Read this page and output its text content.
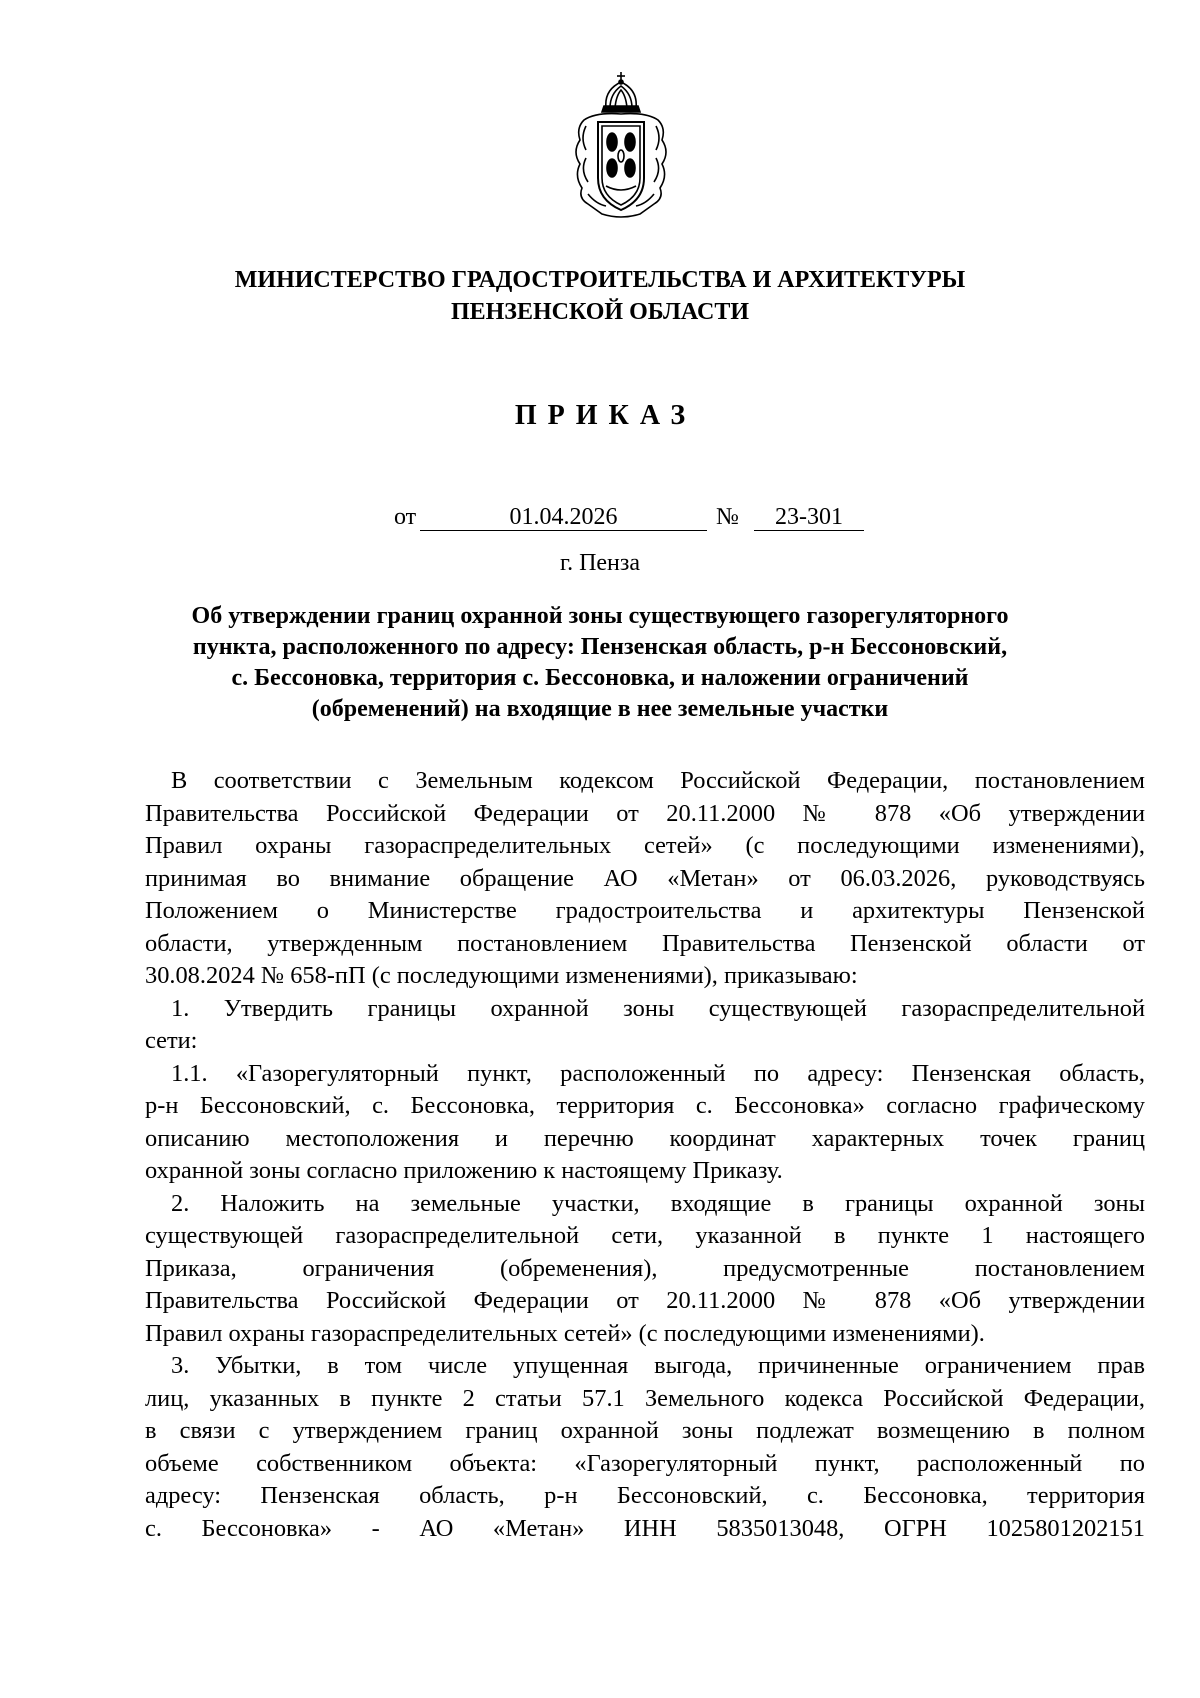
МИНИСТЕРСТВО ГРАДОСТРОИТЕЛЬСТВА И АРХИТЕКТУРЫ
ПЕНЗЕНСКОЙ ОБЛАСТИ
ПРИКАЗ
от	01.04.2026	№	23-301
г. Пенза
Об утверждении границ охранной зоны существующего газорегуляторного
пункта, расположенного по адресу: Пензенская область, р-н Бессоновский,
с. Бессоновка, территория с. Бессоновка, и наложении ограничений
(обременений) на входящие в нее земельные участки
В соответствии с Земельным кодексом Российской Федерации, постановлением
Правительства Российской Федерации от 20.11.2000 № 878 «Об утверждении
Правил охраны газораспределительных сетей» (с последующими изменениями),
принимая во внимание обращение АО «Метан» от 06.03.2026, руководствуясь
Положением о Министерстве градостроительства и архитектуры Пензенской
области, утвержденным постановлением Правительства Пензенской области от
30.08.2024 № 658-пП (с последующими изменениями), приказываю:
1. Утвердить границы охранной зоны существующей газораспределительной
сети:
1.1. «Газорегуляторный пункт, расположенный по адресу: Пензенская область,
р-н Бессоновский, с. Бессоновка, территория с. Бессоновка» согласно графическому
описанию местоположения и перечню координат характерных точек границ
охранной зоны согласно приложению к настоящему Приказу.
2. Наложить на земельные участки, входящие в границы охранной зоны
существующей газораспределительной сети, указанной в пункте 1 настоящего
Приказа, ограничения (обременения), предусмотренные постановлением
Правительства Российской Федерации от 20.11.2000 № 878 «Об утверждении
Правил охраны газораспределительных сетей» (с последующими изменениями).
3. Убытки, в том числе упущенная выгода, причиненные ограничением прав
лиц, указанных в пункте 2 статьи 57.1 Земельного кодекса Российской Федерации,
в связи с утверждением границ охранной зоны подлежат возмещению в полном
объеме собственником объекта: «Газорегуляторный пункт, расположенный по
адресу: Пензенская область, р-н Бессоновский, с. Бессоновка, территория
с. Бессоновка» - АО «Метан» ИНН 5835013048, ОГРН 1025801202151
